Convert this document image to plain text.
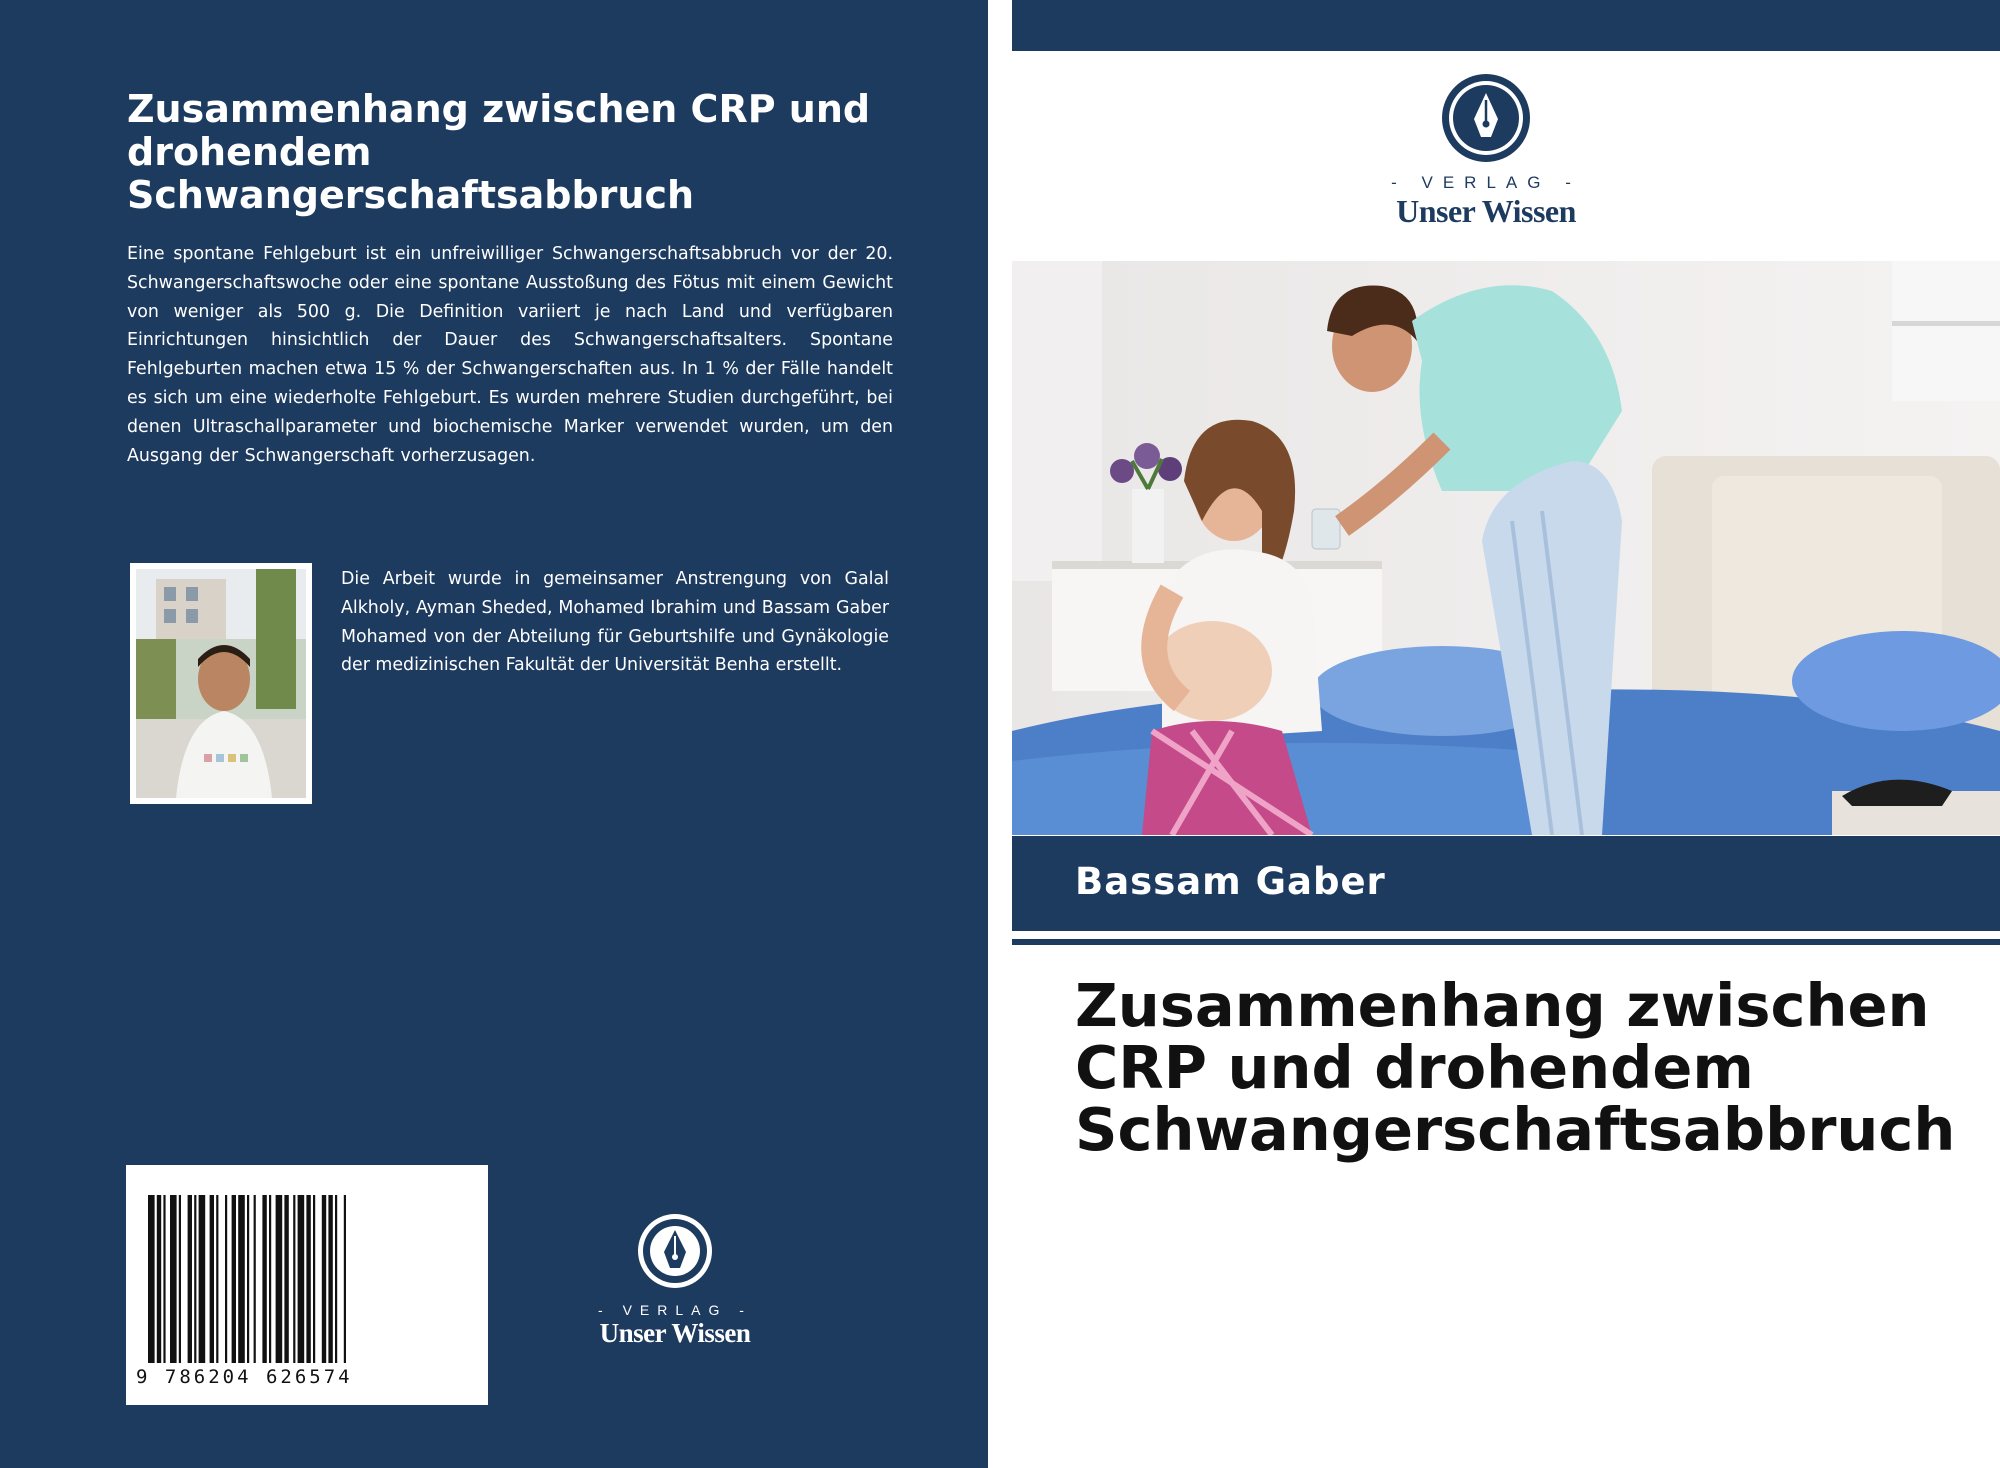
Zusammenhang zwischen CRP und drohendem Schwangerschaftsabbruch

Eine spontane Fehlgeburt ist ein unfreiwilliger Schwangerschaftsabbruch vor der 20. Schwangerschaftswoche oder eine spontane Ausstoßung des Fötus mit einem Gewicht von weniger als 500 g. Die Definition variiert je nach Land und verfügbaren Einrichtungen hinsichtlich der Dauer des Schwangerschaftsalters. Spontane Fehlgeburten machen etwa 15 % der Schwangerschaften aus. In 1 % der Fälle handelt es sich um eine wiederholte Fehlgeburt. Es wurden mehrere Studien durchgeführt, bei denen Ultraschallparameter und biochemische Marker verwendet wurden, um den Ausgang der Schwangerschaft vorherzusagen.

Die Arbeit wurde in gemeinsamer Anstrengung von Galal Alkholy, Ayman Sheded, Mohamed Ibrahim und Bassam Gaber Mohamed von der Abteilung für Geburtshilfe und Gynäkologie der medizinischen Fakultät der Universität Benha erstellt.

9 786204 626574
- VERLAG -
Unser Wissen
- VERLAG -
Unser Wissen
Bassam Gaber
Zusammenhang zwischen CRP und drohendem Schwangerschaftsabbruch
